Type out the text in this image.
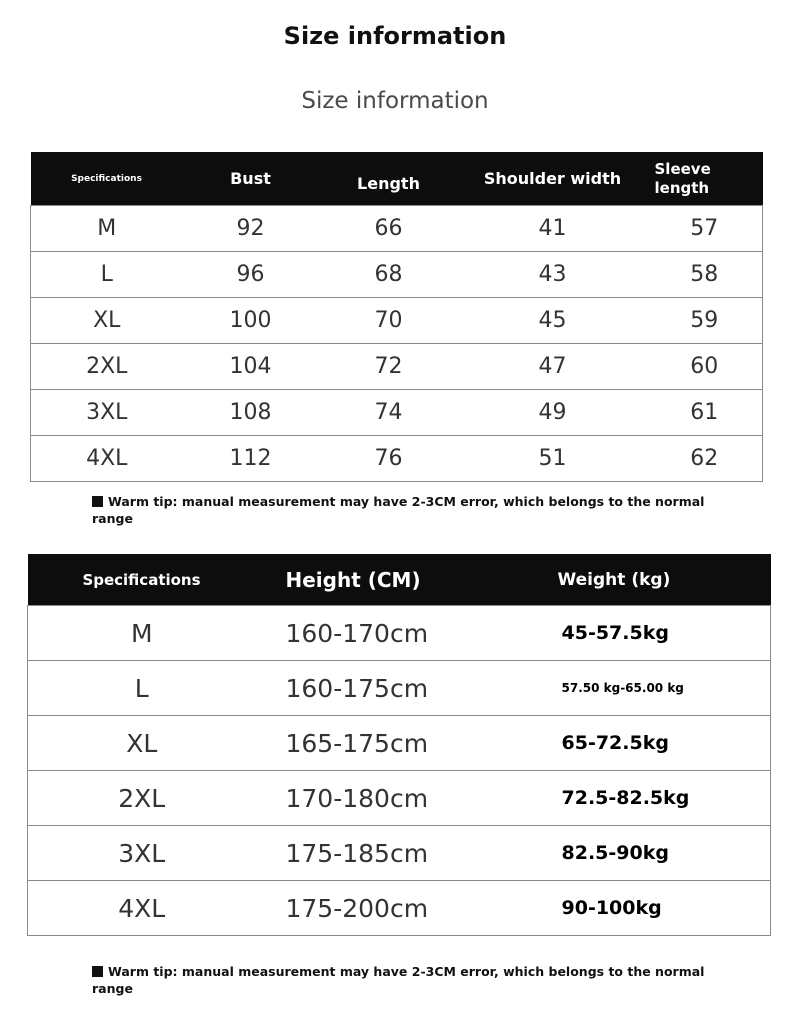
Size information
Size information
Specifications	Bust	Length	Shoulder width	Sleeve length
M	92	66	41	57
L	96	68	43	58
XL	100	70	45	59
2XL	104	72	47	60
3XL	108	74	49	61
4XL	112	76	51	62
Warm tip: manual measurement may have 2-3CM error, which belongs to the normal range
Specifications	Height (CM)	Weight (kg)
M	160-170cm	45-57.5kg
L	160-175cm	57.50 kg-65.00 kg
XL	165-175cm	65-72.5kg
2XL	170-180cm	72.5-82.5kg
3XL	175-185cm	82.5-90kg
4XL	175-200cm	90-100kg
Warm tip: manual measurement may have 2-3CM error, which belongs to the normal range
